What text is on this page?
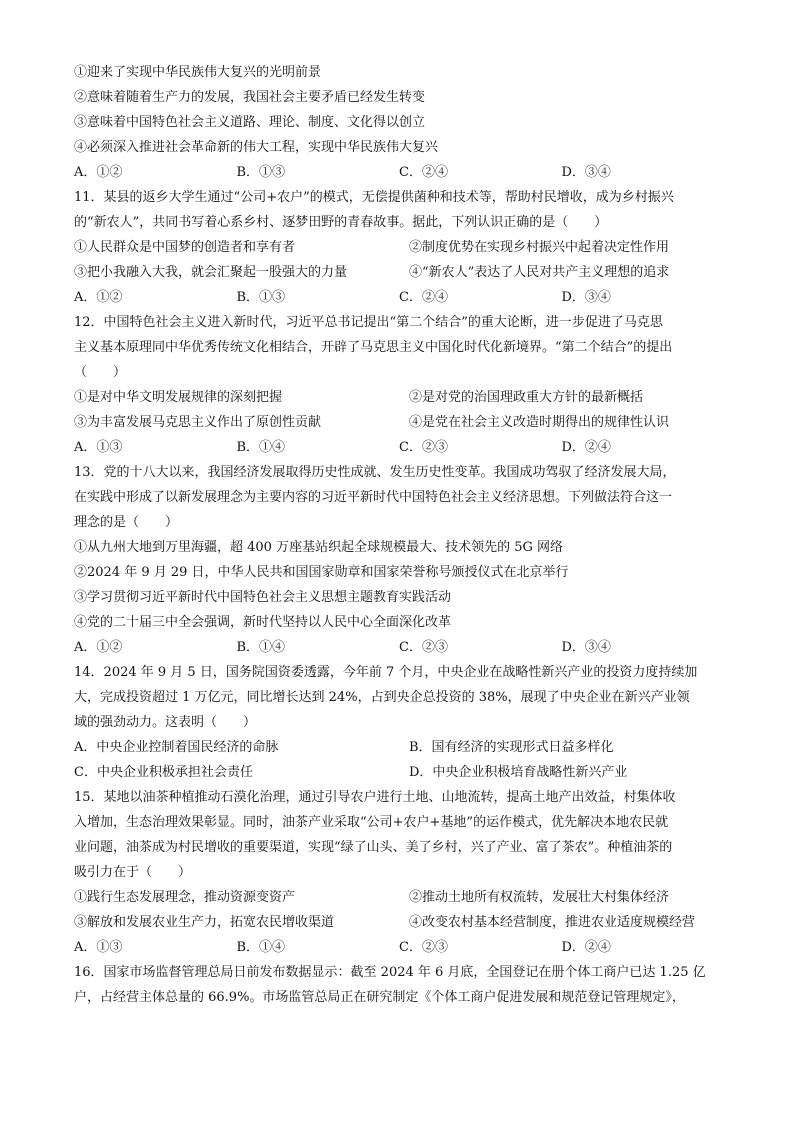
①迎来了实现中华民族伟大复兴的光明前景
②意味着随着生产力的发展，我国社会主要矛盾已经发生转变
③意味着中国特色社会主义道路、理论、制度、文化得以创立
④必须深入推进社会革命新的伟大工程，实现中华民族伟大复兴
A．①②	B．①③	C．②④	D．③④
11．某县的返乡大学生通过“公司+农户”的模式，无偿提供菌种和技术等，帮助村民增收，成为乡村振兴
的“新农人”，共同书写着心系乡村、逐梦田野的青春故事。据此，下列认识正确的是（　　）
①人民群众是中国梦的创造者和享有者	②制度优势在实现乡村振兴中起着决定性作用
③把小我融入大我，就会汇聚起一股强大的力量	④“新农人”表达了人民对共产主义理想的追求
A．①②	B．①③	C．②④	D．③④
12．中国特色社会主义进入新时代，习近平总书记提出“第二个结合”的重大论断，进一步促进了马克思
主义基本原理同中华优秀传统文化相结合，开辟了马克思主义中国化时代化新境界。“第二个结合”的提出
（　　）
①是对中华文明发展规律的深刻把握	②是对党的治国理政重大方针的最新概括
③为丰富发展马克思主义作出了原创性贡献	④是党在社会主义改造时期得出的规律性认识
A．①③	B．①④	C．②③	D．②④
13．党的十八大以来，我国经济发展取得历史性成就、发生历史性变革。我国成功驾驭了经济发展大局，
在实践中形成了以新发展理念为主要内容的习近平新时代中国特色社会主义经济思想。下列做法符合这一
理念的是（　　）
①从九州大地到万里海疆，超 400 万座基站织起全球规模最大、技术领先的 5G 网络
②2024 年 9 月 29 日，中华人民共和国国家勋章和国家荣誉称号颁授仪式在北京举行
③学习贯彻习近平新时代中国特色社会主义思想主题教育实践活动
④党的二十届三中全会强调，新时代坚持以人民中心全面深化改革
A．①②	B．①④	C．②③	D．③④
14．2024 年 9 月 5 日，国务院国资委透露，今年前 7 个月，中央企业在战略性新兴产业的投资力度持续加
大，完成投资超过 1 万亿元，同比增长达到 24%，占到央企总投资的 38%，展现了中央企业在新兴产业领
域的强劲动力。这表明（　　）
A．中央企业控制着国民经济的命脉	B．国有经济的实现形式日益多样化
C．中央企业积极承担社会责任	D．中央企业积极培育战略性新兴产业
15．某地以油茶种植推动石漠化治理，通过引导农户进行土地、山地流转，提高土地产出效益，村集体收
入增加，生态治理效果彰显。同时，油茶产业采取“公司+农户+基地”的运作模式，优先解决本地农民就
业问题，油茶成为村民增收的重要渠道，实现“绿了山头、美了乡村，兴了产业、富了茶农”。种植油茶的
吸引力在于（　　）
①践行生态发展理念，推动资源变资产	②推动土地所有权流转，发展壮大村集体经济
③解放和发展农业生产力，拓宽农民增收渠道	④改变农村基本经营制度，推进农业适度规模经营
A．①③	B．①④	C．②③	D．②④
16．国家市场监督管理总局日前发布数据显示：截至 2024 年 6 月底，全国登记在册个体工商户已达 1.25 亿
户，占经营主体总量的 66.9%。市场监管总局正在研究制定《个体工商户促进发展和规范登记管理规定》，
